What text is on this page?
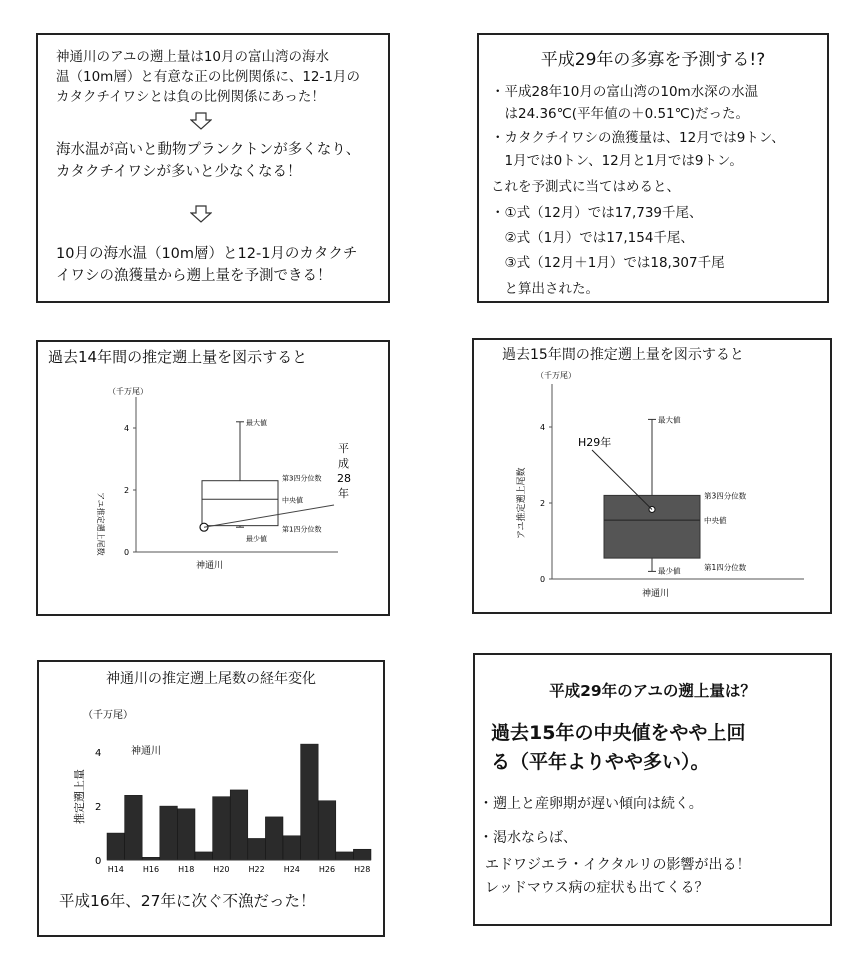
神通川のアユの遡上量は10月の富山湾の海水
温（10m層）と有意な正の比例関係に、12-1月の
カタクチイワシとは負の比例関係にあった！
海水温が高いと動物プランクトンが多くなり、
カタクチイワシが多いと少なくなる！
10月の海水温（10m層）と12-1月のカタクチ
イワシの漁獲量から遡上量を予測できる！
平成29年の多寡を予測する!?
・平成28年10月の富山湾の10m水深の水温
　は24.36℃(平年値の＋0.51℃)だった。
・カタクチイワシの漁獲量は、12月では9トン、
　1月では0トン、12月と1月では9トン。
これを予測式に当てはめると、
・①式（12月）では17,739千尾、
　②式（1月）では17,154千尾、
　③式（12月＋1月）では18,307千尾
　と算出された。
過去14年間の推定遡上量を図示すると
（千万尾）
アユ推定遡上尾数 0
2
4
最大値
第3四分位数
中央値
第1四分位数
最少値
平
成
28
年
神通川
過去15年間の推定遡上量を図示すると
（千万尾）
アユ推定遡上尾数
0
2
4
H29年
最大値
第3四分位数
中央値
第1四分位数
最少値
神通川
神通川の推定遡上尾数の経年変化
（千万尾）
推定遡上量
神通川
0
2
4
H14 H16 H18 H20 H22 H24 H26 H28
平成16年、27年に次ぐ不漁だった！
平成29年のアユの遡上量は？
過去15年の中央値をやや上回
る（平年よりやや多い）。
・遡上と産卵期が遅い傾向は続く。
・渇水ならば、
エドワジエラ・イクタルリの影響が出る！
レッドマウス病の症状も出てくる？
